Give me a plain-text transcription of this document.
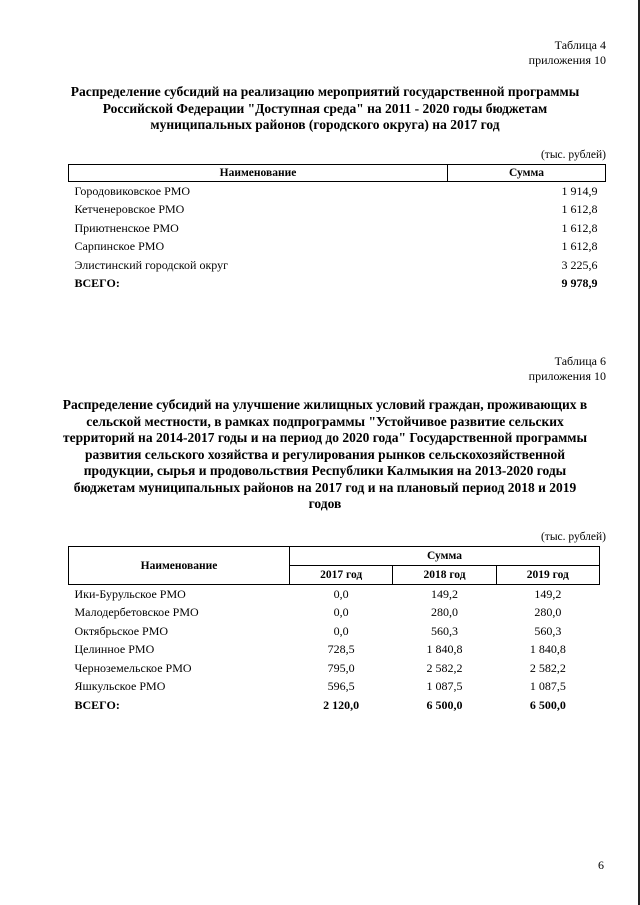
Таблица 4
приложения 10
Распределение субсидий на реализацию мероприятий государственной программы Российской Федерации "Доступная среда" на 2011 - 2020 годы бюджетам муниципальных районов (городского округа) на 2017 год
(тыс. рублей)
Наименование	Сумма
Городовиковское РМО	1 914,9
Кетченеровское РМО	1 612,8
Приютненское РМО	1 612,8
Сарпинское РМО	1 612,8
Элистинский городской округ	3 225,6
ВСЕГО:	9 978,9
Таблица 6
приложения 10
Распределение субсидий на улучшение жилищных условий граждан, проживающих в сельской местности, в рамках подпрограммы "Устойчивое развитие сельских территорий на 2014-2017 годы и на период до 2020 года" Государственной программы развития сельского хозяйства и регулирования рынков сельскохозяйственной продукции, сырья и продовольствия Республики Калмыкия на 2013-2020 годы бюджетам муниципальных районов на 2017 год и на плановый период 2018 и 2019 годов
(тыс. рублей)
Наименование	Сумма		
	2017 год	2018 год	2019 год
Ики-Бурульское РМО	0,0	149,2	149,2
Малодербетовское РМО	0,0	280,0	280,0
Октябрьское РМО	0,0	560,3	560,3
Целинное РМО	728,5	1 840,8	1 840,8
Черноземельское РМО	795,0	2 582,2	2 582,2
Яшкульское РМО	596,5	1 087,5	1 087,5
ВСЕГО:	2 120,0	6 500,0	6 500,0
6
